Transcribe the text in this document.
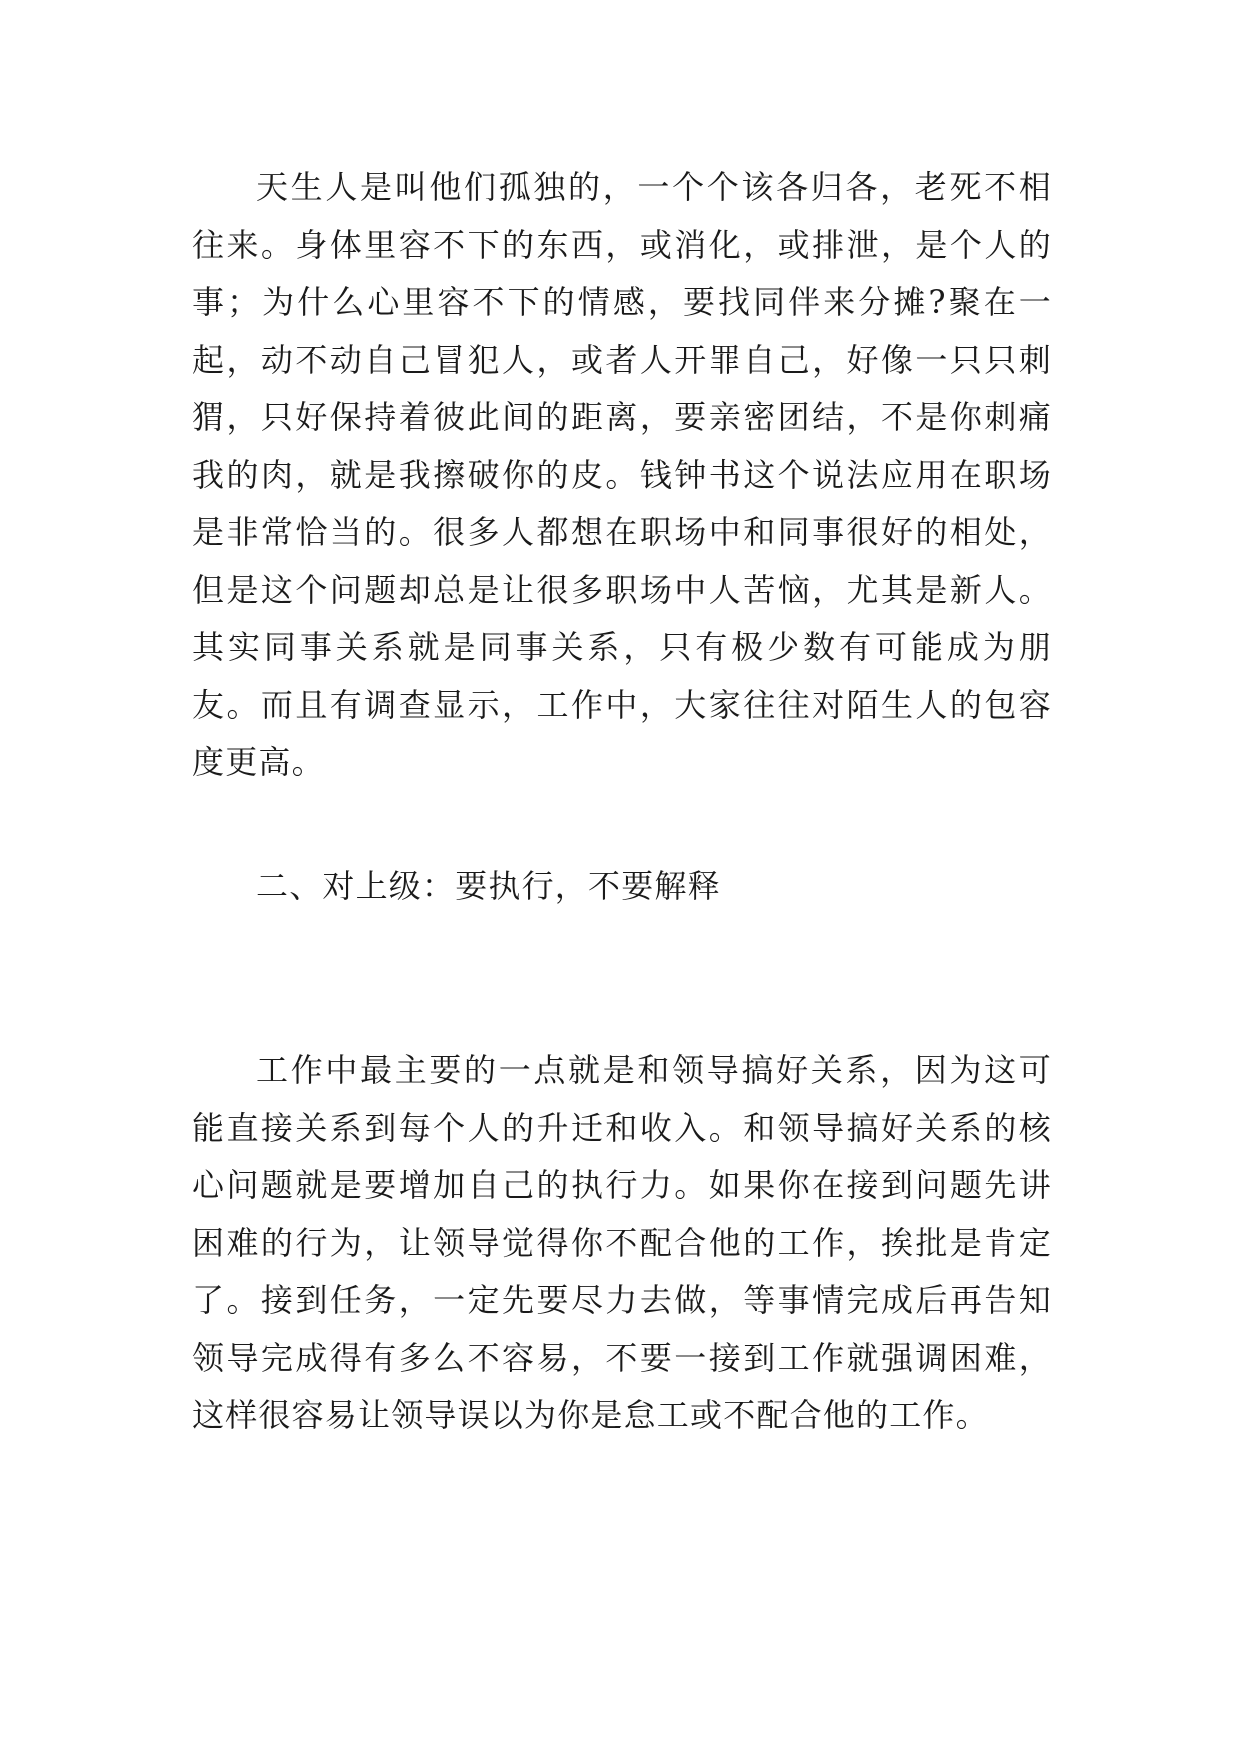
天生人是叫他们孤独的，一个个该各归各，老死不相往来。身体里容不下的东西，或消化，或排泄，是个人的事；为什么心里容不下的情感，要找同伴来分摊?聚在一起，动不动自己冒犯人，或者人开罪自己，好像一只只刺猬，只好保持着彼此间的距离，要亲密团结，不是你刺痛我的肉，就是我擦破你的皮。钱钟书这个说法应用在职场是非常恰当的。很多人都想在职场中和同事很好的相处，但是这个问题却总是让很多职场中人苦恼，尤其是新人。其实同事关系就是同事关系，只有极少数有可能成为朋友。而且有调查显示，工作中，大家往往对陌生人的包容度更高。

二、对上级：要执行，不要解释

工作中最主要的一点就是和领导搞好关系，因为这可能直接关系到每个人的升迁和收入。和领导搞好关系的核心问题就是要增加自己的执行力。如果你在接到问题先讲困难的行为，让领导觉得你不配合他的工作，挨批是肯定了。接到任务，一定先要尽力去做，等事情完成后再告知领导完成得有多么不容易，不要一接到工作就强调困难，这样很容易让领导误以为你是怠工或不配合他的工作。
